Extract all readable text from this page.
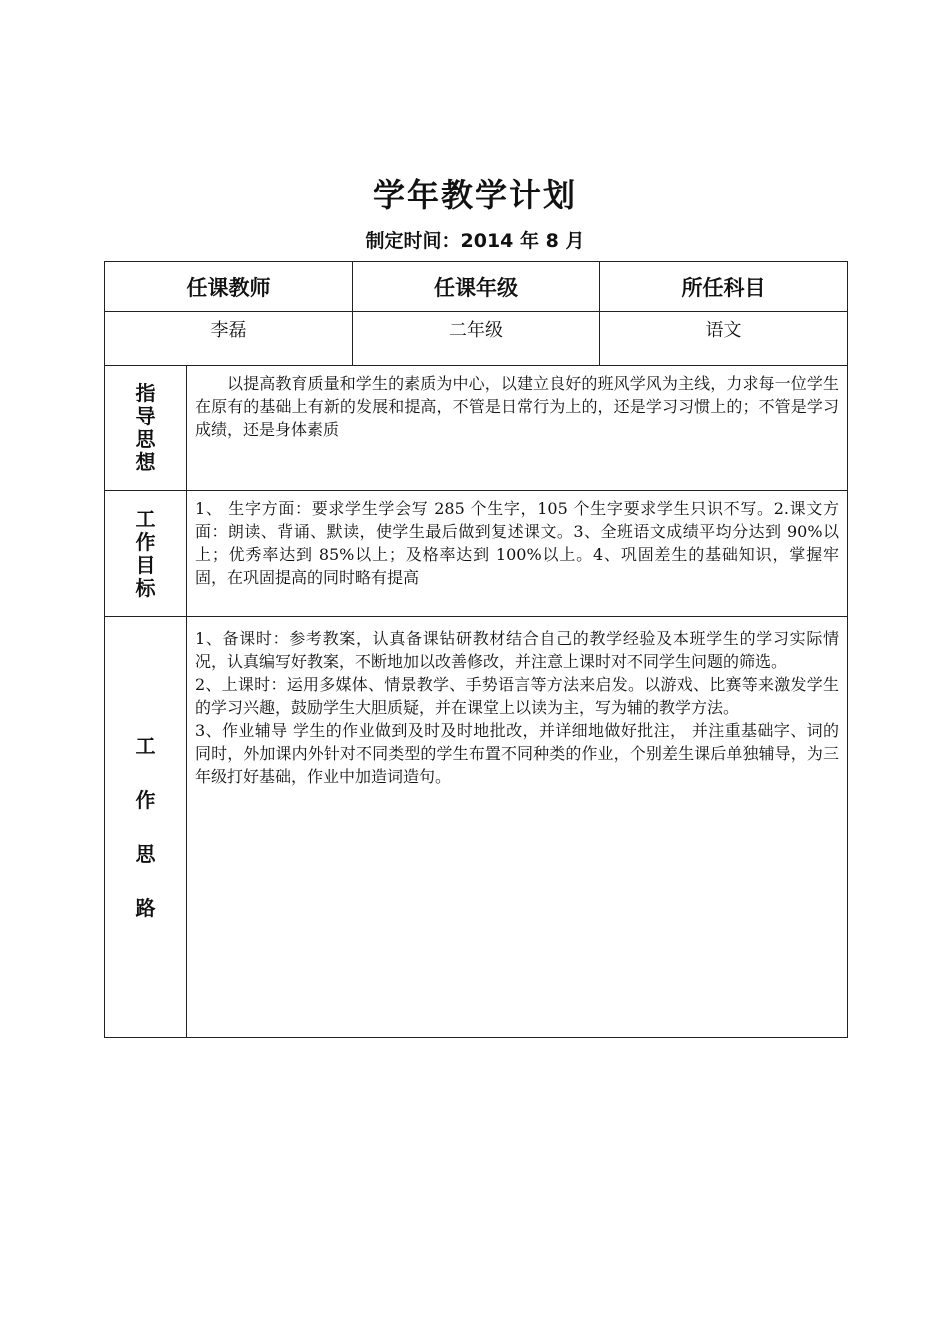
学年教学计划
制定时间：2014 年 8 月
任课教师		任课年级	所任科目
李磊		二年级	语文
指导思想	以提高教育质量和学生的素质为中心，以建立良好的班风学风为主线，力求每一位学生在原有的基础上有新的发展和提高，不管是日常行为上的，还是学习习惯上的；不管是学习成绩，还是身体素质		

工作目标	1、 生字方面：要求学生学会写 285 个生字，105 个生字要求学生只识不写。2.课文方面：朗读、背诵、默读，使学生最后做到复述课文。3、全班语文成绩平均分达到 90%以上；优秀率达到 85%以上；及格率达到 100%以上。4、巩固差生的基础知识，掌握牢固，在巩固提高的同时略有提高		

工作思路	1、备课时：参考教案，认真备课钻研教材结合自己的教学经验及本班学生的学习实际情况，认真编写好教案，不断地加以改善修改，并注意上课时对不同学生问题的筛选。

2、上课时：运用多媒体、情景教学、手势语言等方法来启发。以游戏、比赛等来激发学生的学习兴趣，鼓励学生大胆质疑，并在课堂上以读为主，写为辅的教学方法。

3、作业辅导 学生的作业做到及时及时地批改，并详细地做好批注， 并注重基础字、词的同时，外加课内外针对不同类型的学生布置不同种类的作业，个别差生课后单独辅导，为三年级打好基础，作业中加造词造句。		
